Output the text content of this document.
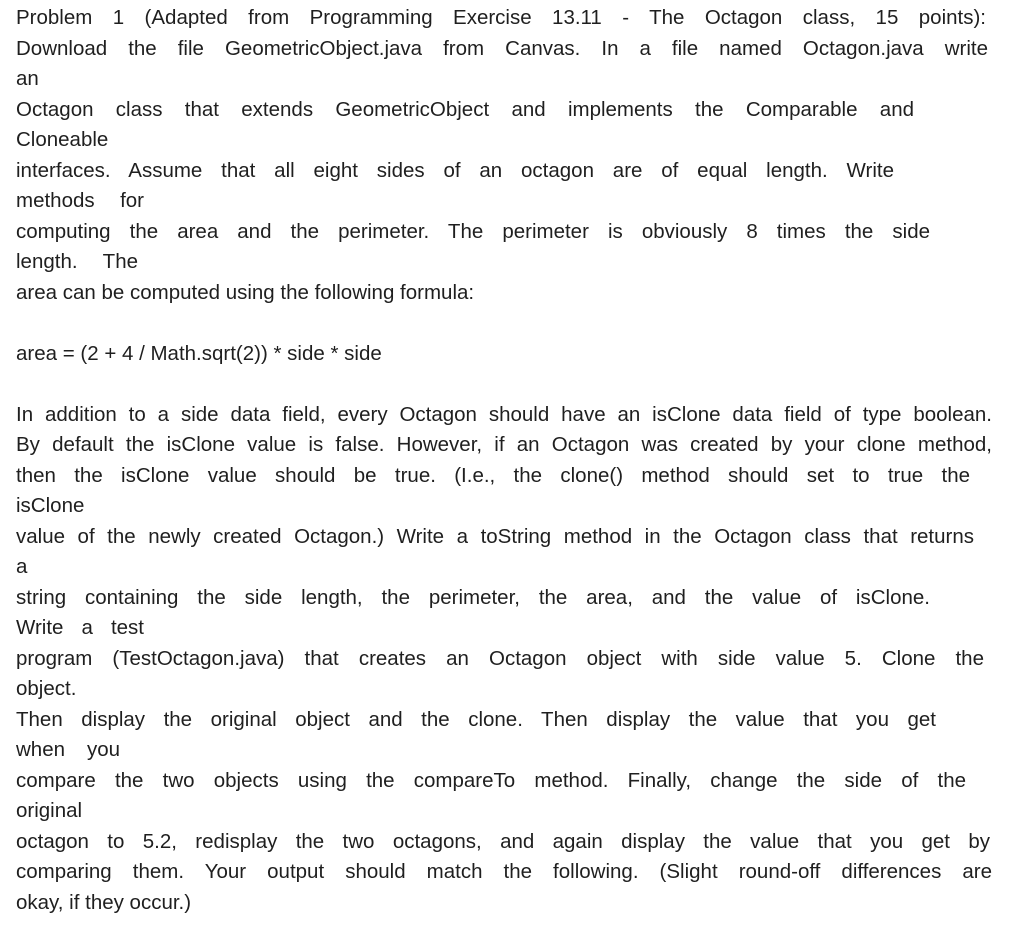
Problem 1 (Adapted from Programming Exercise 13.11 - The Octagon class, 15 points):
Download the file GeometricObject.java from Canvas. In a file named Octagon.java write
an
Octagon class that extends GeometricObject and implements the Comparable and
Cloneable
interfaces. Assume that all eight sides of an octagon are of equal length. Write
methods for
computing the area and the perimeter. The perimeter is obviously 8 times the side
length. The
area can be computed using the following formula:
area = (2 + 4 / Math.sqrt(2)) * side * side
In addition to a side data field, every Octagon should have an isClone data field of type boolean.
By default the isClone value is false. However, if an Octagon was created by your clone method,
then the isClone value should be true. (I.e., the clone() method should set to true the
isClone
value of the newly created Octagon.) Write a toString method in the Octagon class that returns
a
string containing the side length, the perimeter, the area, and the value of isClone.
Write a test
program (TestOctagon.java) that creates an Octagon object with side value 5. Clone the
object.
Then display the original object and the clone. Then display the value that you get
when you
compare the two objects using the compareTo method. Finally, change the side of the
original
octagon to 5.2, redisplay the two octagons, and again display the value that you get by
comparing them. Your output should match the following. (Slight round-off differences are
okay, if they occur.)
